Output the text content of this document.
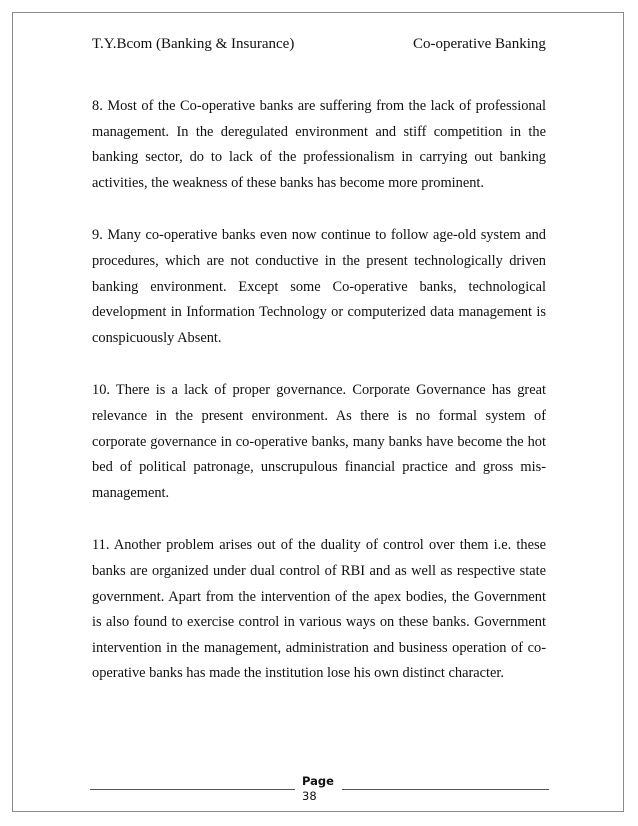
T.Y.Bcom (Banking & Insurance)	Co-operative Banking

8. Most of the Co-operative banks are suffering from the lack of professional management. In the deregulated environment and stiff competition in the banking sector, do to lack of the professionalism in carrying out banking activities, the weakness of these banks has become more prominent.

9. Many co-operative banks even now continue to follow age-old system and procedures, which are not conductive in the present technologically driven banking environment. Except some Co-operative banks, technological development in Information Technology or computerized data management is conspicuously Absent.

10. There is a lack of proper governance. Corporate Governance has great relevance in the present environment. As there is no formal system of corporate governance in co-operative banks, many banks have become the hot bed of political patronage, unscrupulous financial practice and gross mis-management.

11. Another problem arises out of the duality of control over them i.e. these banks are organized under dual control of RBI and as well as respective state government. Apart from the intervention of the apex bodies, the Government is also found to exercise control in various ways on these banks. Government intervention in the management, administration and business operation of co-operative banks has made the institution lose his own distinct character.

Page
38
